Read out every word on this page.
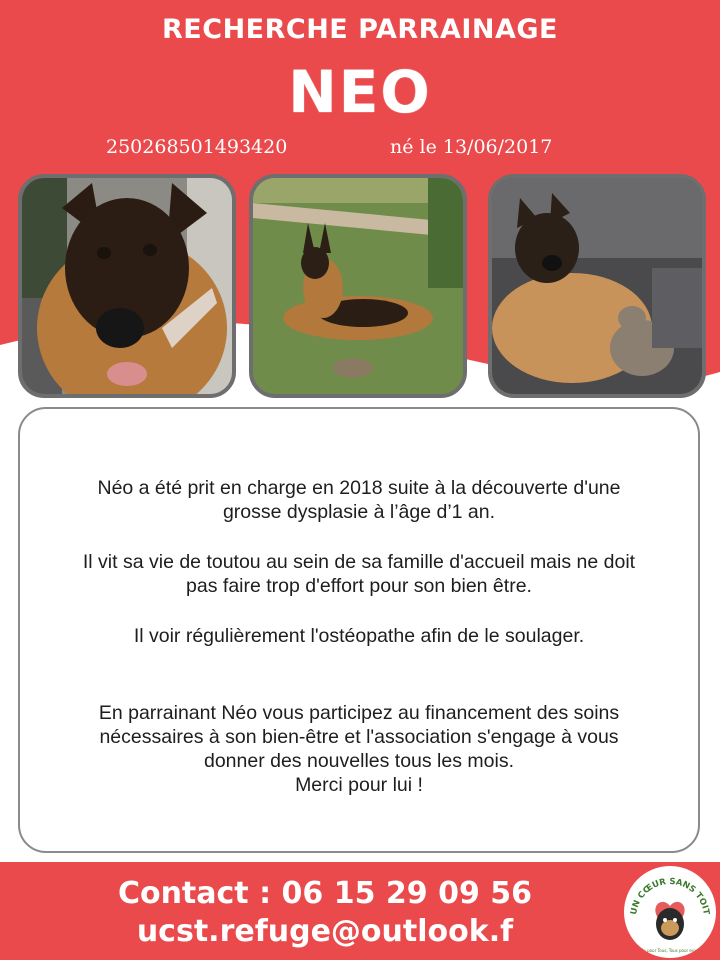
RECHERCHE PARRAINAGE
NEO
250268501493420	né le 13/06/2017
Néo a été prit en charge en 2018 suite à la découverte d'une
grosse dysplasie à l’âge d’1 an.
Il vit sa vie de toutou au sein de sa famille d'accueil mais ne doit
pas faire trop d'effort pour son bien être.
Il voir régulièrement l'ostéopathe afin de le soulager.
En parrainant Néo vous participez au financement des soins
nécessaires à son bien-être et l'association s'engage à vous
donner des nouvelles tous les mois.
Merci pour lui !
Contact : 06 15 29 09 56
ucst.refuge@outlook.f
UN CŒUR SANS TOIT
Un pour Tous, Tous pour eux !
